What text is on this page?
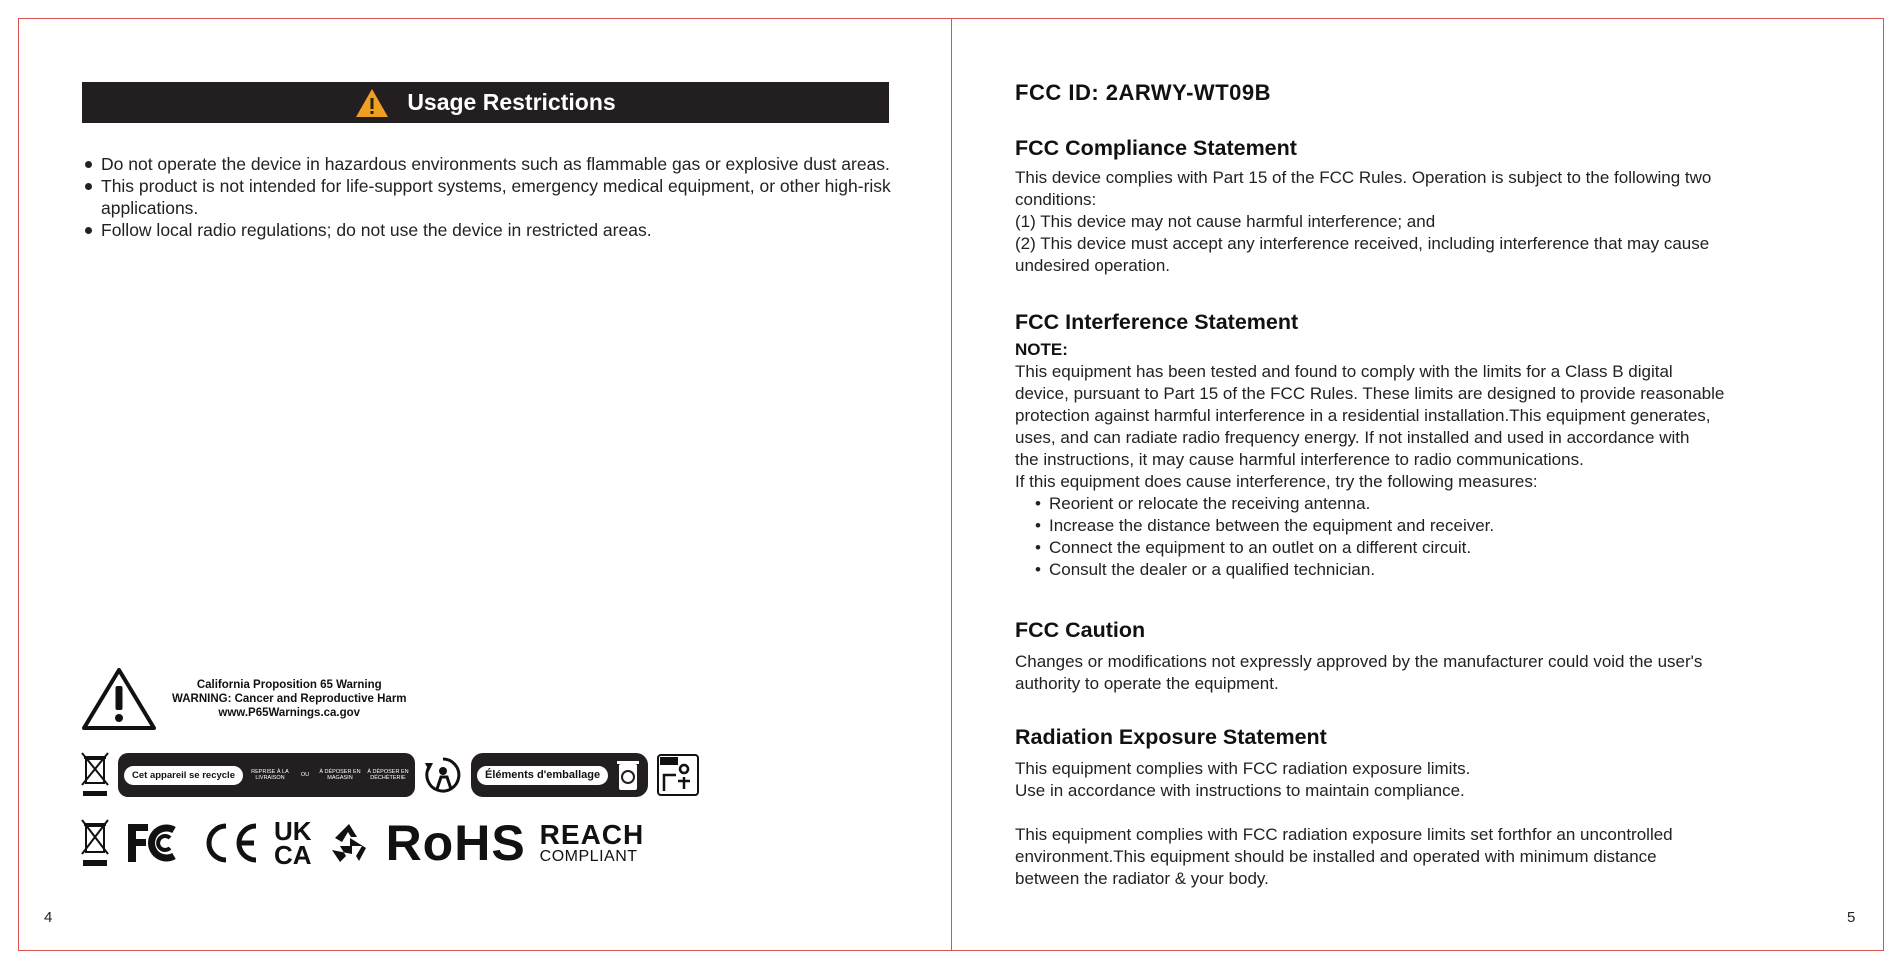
Usage Restrictions
Do not operate the device in hazardous environments such as flammable gas or explosive dust areas.
This product is not intended for life-support systems, emergency medical equipment, or other high-risk applications.
Follow local radio regulations; do not use the device in restricted areas.
California Proposition 65 Warning
WARNING: Cancer and Reproductive Harm
www.P65Warnings.ca.gov
Cet appareil se recycle	REPRISE À LA LIVRAISON	OU	À DÉPOSER EN MAGASIN
À DÉPOSER EN DÉCHÈTERIE	Éléments d'emballage
UK
CA RoHS REACH
COMPLIANT
4
FCC ID: 2ARWY-WT09B
FCC Compliance Statement

This device complies with Part 15 of the FCC Rules. Operation is subject to the following two

conditions:

(1) This device may not cause harmful interference; and

(2) This device must accept any interference received, including interference that may cause

undesired operation.

FCC Interference Statement
NOTE:

This equipment has been tested and found to comply with the limits for a Class B digital

device, pursuant to Part 15 of the FCC Rules. These limits are designed to provide reasonable

protection against harmful interference in a residential installation.This equipment generates,

uses, and can radiate radio frequency energy. If not installed and used in accordance with

the instructions, it may cause harmful interference to radio communications.

If this equipment does cause interference, try the following measures:

• Reorient or relocate the receiving antenna.
• Increase the distance between the equipment and receiver.
• Connect the equipment to an outlet on a different circuit.
• Consult the dealer or a qualified technician.
FCC Caution

Changes or modifications not expressly approved by the manufacturer could void the user's

authority to operate the equipment.

Radiation Exposure Statement

This equipment complies with FCC radiation exposure limits.

Use in accordance with instructions to maintain compliance.

This equipment complies with FCC radiation exposure limits set forthfor an uncontrolled

environment.This equipment should be installed and operated with minimum distance

between the radiator & your body.

5
